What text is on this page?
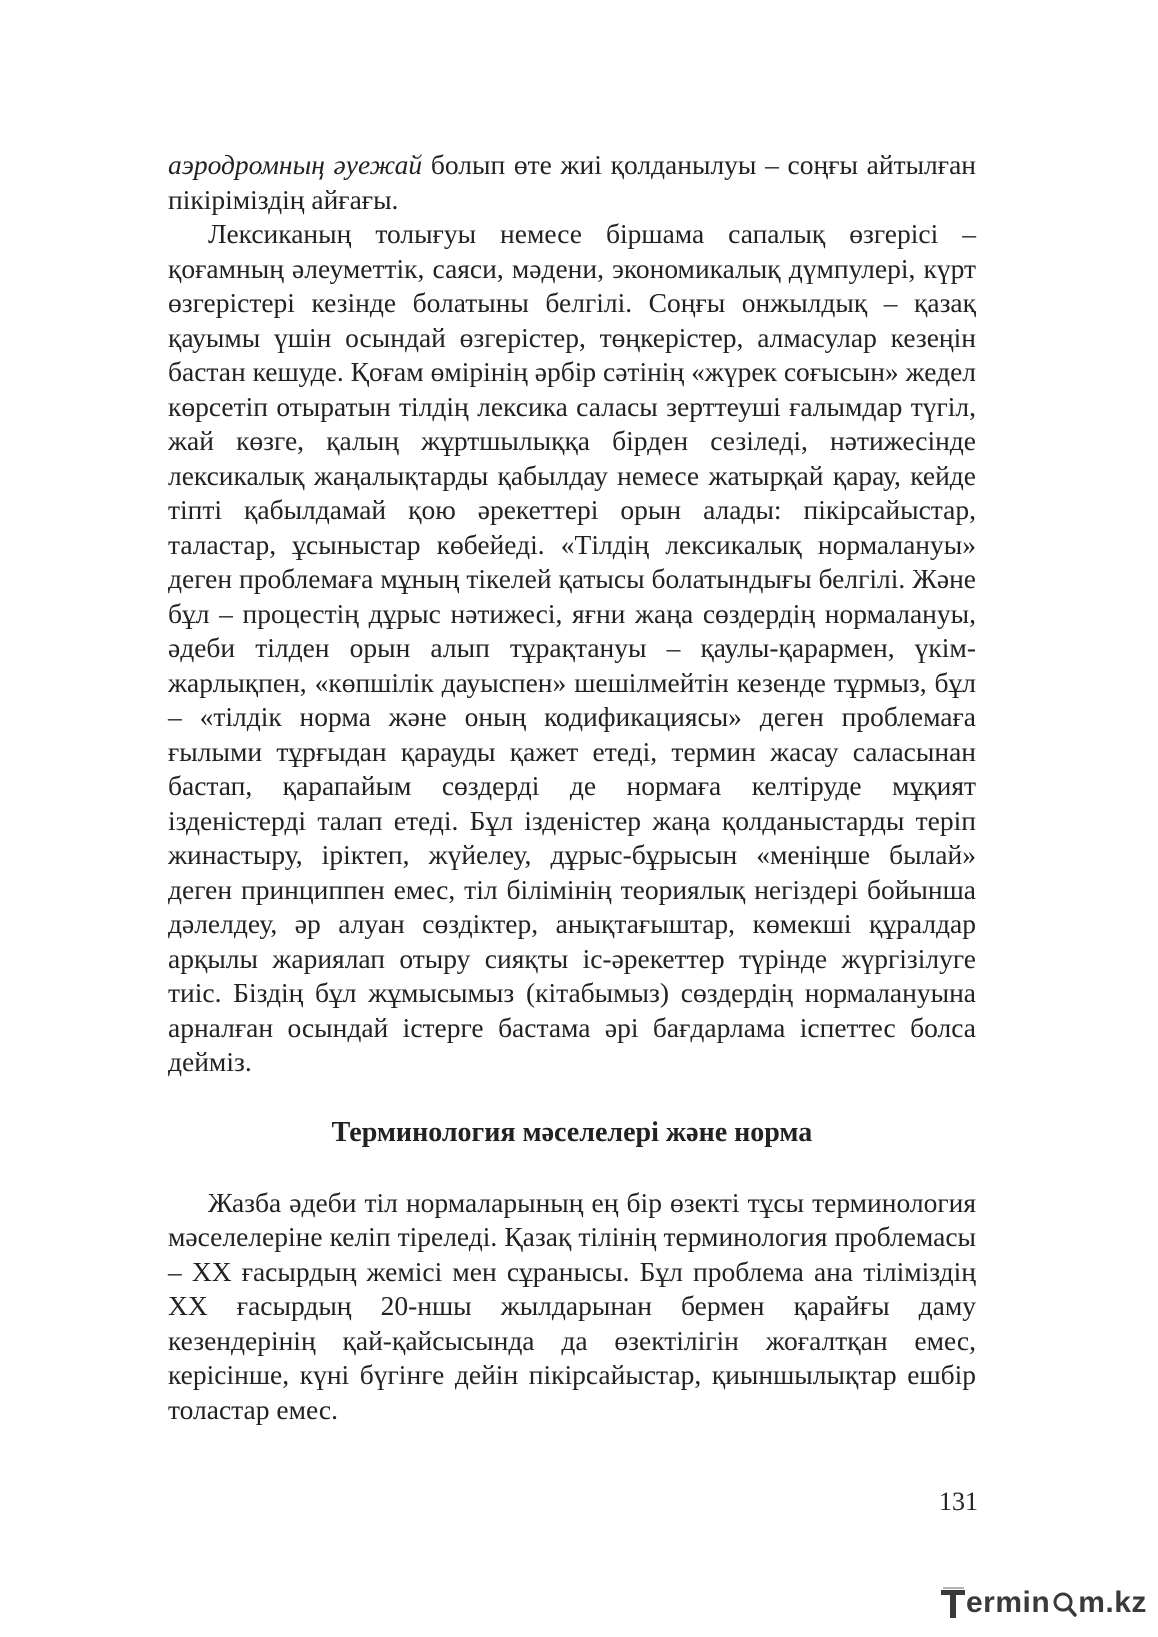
аэродромның әуежай болып өте жиі қолданылуы – соңғы айтылған пікіріміздің айғағы.

Лексиканың толығуы немесе біршама сапалық өзгерісі – қоғамның әлеуметтік, саяси, мәдени, экономикалық дүмпулері, күрт өзгерістері кезінде болатыны белгілі. Соңғы онжылдық – қазақ қауымы үшін осындай өзгерістер, төңкерістер, алмасулар кезеңін бастан кешуде. Қоғам өмірінің әрбір сәтінің «жүрек соғысын» жедел көрсетіп отыратын тілдің лексика саласы зерттеуші ғалымдар түгіл, жай көзге, қалың жұртшылыққа бірден сезіледі, нәтижесінде лексикалық жаңалықтарды қабылдау немесе жатырқай қарау, кейде тіпті қабылдамай қою әрекеттері орын алады: пікірсайыстар, таластар, ұсыныстар көбейеді. «Тілдің лексикалық нормалануы» деген проблемаға мұның тікелей қатысы болатындығы белгілі. Және бұл – процестің дұрыс нәтижесі, яғни жаңа сөздердің нормалануы, әдеби тілден орын алып тұрақтануы – қаулы-қарармен, үкім-жарлықпен, «көпшілік дауыспен» шешілмейтін кезенде тұрмыз, бұл – «тілдік норма және оның кодификациясы» деген проблемаға ғылыми тұрғыдан қарауды қажет етеді, термин жасау саласынан бастап, қарапайым сөздерді де нормаға келтіруде мұқият ізденістерді талап етеді. Бұл ізденістер жаңа қолданыстарды теріп жинастыру, іріктеп, жүйелеу, дұрыс-бұрысын «меніңше былай» деген принциппен емес, тіл білімінің теориялық негіздері бойынша дәлелдеу, әр алуан сөздіктер, анықтағыштар, көмекші құралдар арқылы жариялап отыру сияқты іс-әрекеттер түрінде жүргізілуге тиіс. Біздің бұл жұмысымыз (кітабымыз) сөздердің нормалануына арналған осындай істерге бастама әрі бағдарлама іспеттес болса дейміз.

Терминология мәселелері және норма

Жазба әдеби тіл нормаларының ең бір өзекті тұсы терминология мәселелеріне келіп тіреледі. Қазақ тілінің терминология проблемасы – ХХ ғасырдың жемісі мен сұранысы. Бұл проблема ана тіліміздің ХХ ғасырдың 20-ншы жылдарынан бермен қарайғы даму кезендерінің қай-қайсысында да өзектілігін жоғалтқан емес, керісінше, күні бүгінге дейін пікірсайыстар, қиыншылықтар ешбір толастар емес.

131
ermin m.kz
